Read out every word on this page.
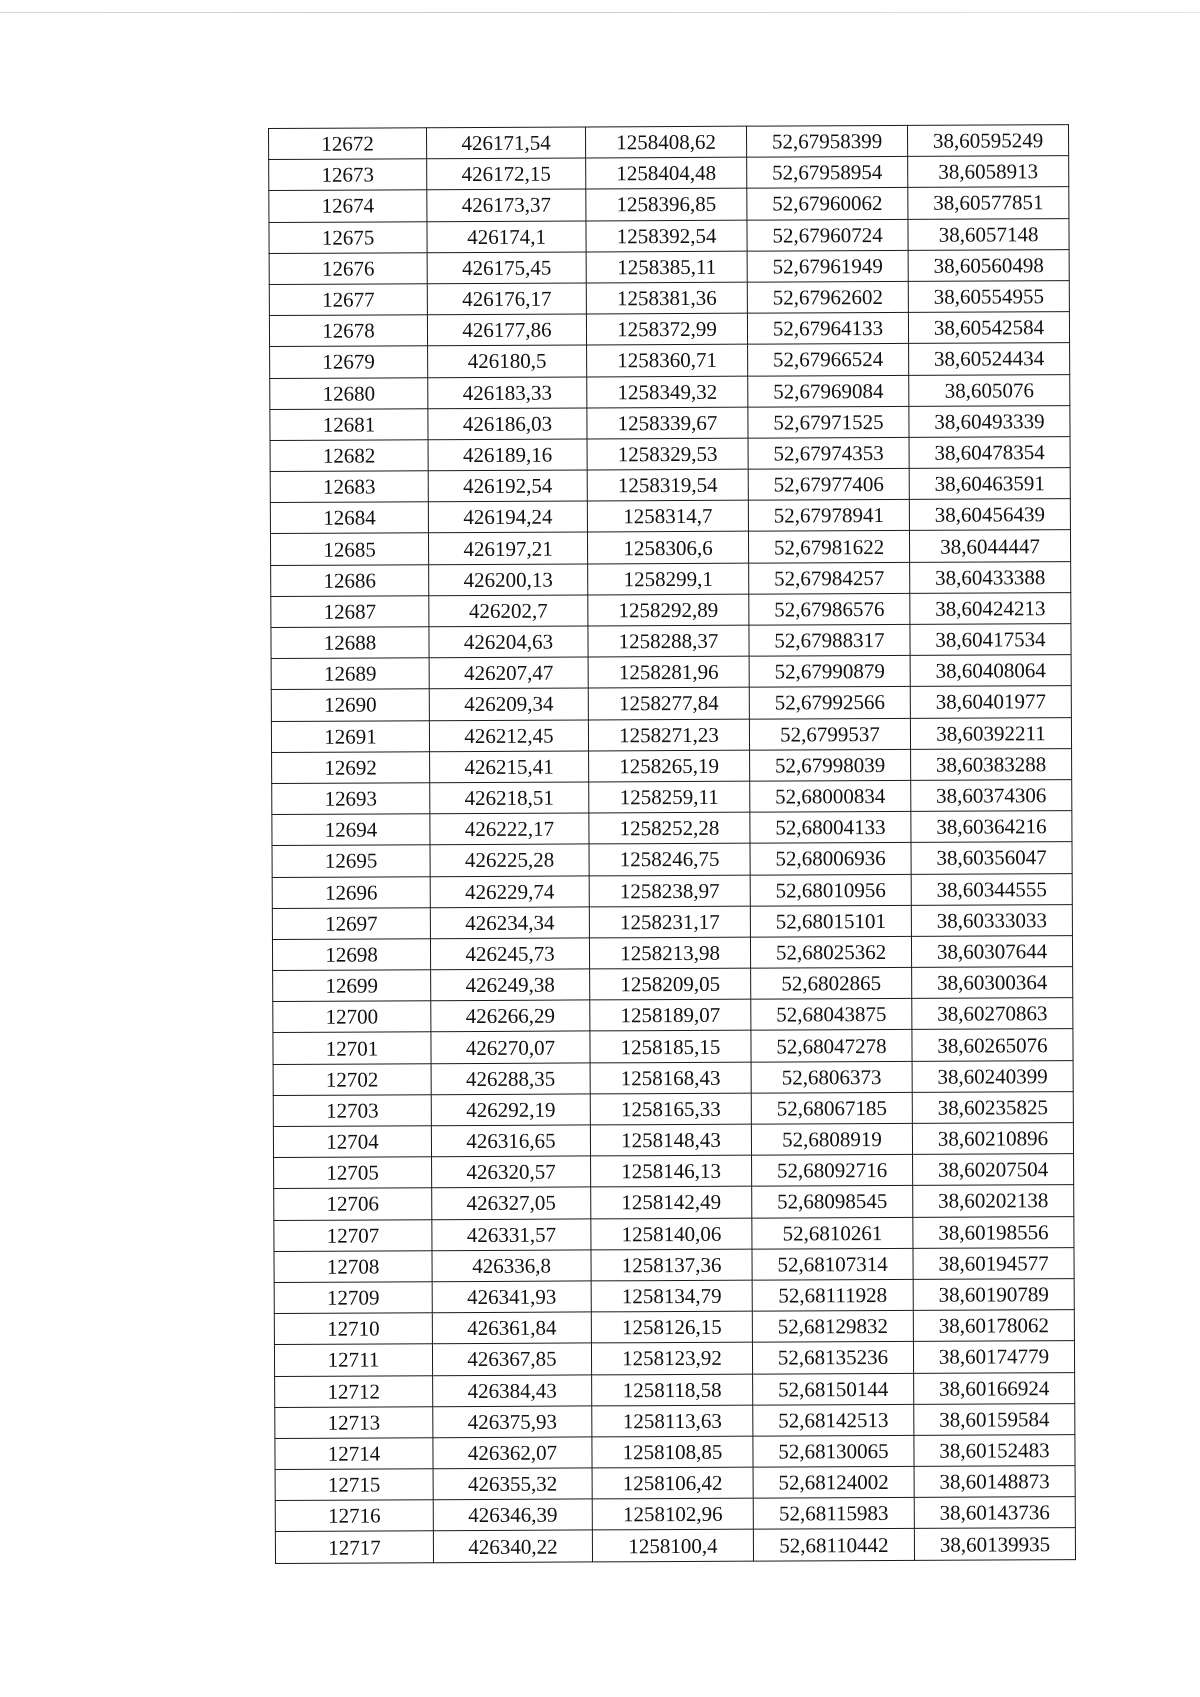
12672	426171,54	1258408,62	52,67958399	38,60595249
12673	426172,15	1258404,48	52,67958954	38,6058913
12674	426173,37	1258396,85	52,67960062	38,60577851
12675	426174,1	1258392,54	52,67960724	38,6057148
12676	426175,45	1258385,11	52,67961949	38,60560498
12677	426176,17	1258381,36	52,67962602	38,60554955
12678	426177,86	1258372,99	52,67964133	38,60542584
12679	426180,5	1258360,71	52,67966524	38,60524434
12680	426183,33	1258349,32	52,67969084	38,605076
12681	426186,03	1258339,67	52,67971525	38,60493339
12682	426189,16	1258329,53	52,67974353	38,60478354
12683	426192,54	1258319,54	52,67977406	38,60463591
12684	426194,24	1258314,7	52,67978941	38,60456439
12685	426197,21	1258306,6	52,67981622	38,6044447
12686	426200,13	1258299,1	52,67984257	38,60433388
12687	426202,7	1258292,89	52,67986576	38,60424213
12688	426204,63	1258288,37	52,67988317	38,60417534
12689	426207,47	1258281,96	52,67990879	38,60408064
12690	426209,34	1258277,84	52,67992566	38,60401977
12691	426212,45	1258271,23	52,6799537	38,60392211
12692	426215,41	1258265,19	52,67998039	38,60383288
12693	426218,51	1258259,11	52,68000834	38,60374306
12694	426222,17	1258252,28	52,68004133	38,60364216
12695	426225,28	1258246,75	52,68006936	38,60356047
12696	426229,74	1258238,97	52,68010956	38,60344555
12697	426234,34	1258231,17	52,68015101	38,60333033
12698	426245,73	1258213,98	52,68025362	38,60307644
12699	426249,38	1258209,05	52,6802865	38,60300364
12700	426266,29	1258189,07	52,68043875	38,60270863
12701	426270,07	1258185,15	52,68047278	38,60265076
12702	426288,35	1258168,43	52,6806373	38,60240399
12703	426292,19	1258165,33	52,68067185	38,60235825
12704	426316,65	1258148,43	52,6808919	38,60210896
12705	426320,57	1258146,13	52,68092716	38,60207504
12706	426327,05	1258142,49	52,68098545	38,60202138
12707	426331,57	1258140,06	52,6810261	38,60198556
12708	426336,8	1258137,36	52,68107314	38,60194577
12709	426341,93	1258134,79	52,68111928	38,60190789
12710	426361,84	1258126,15	52,68129832	38,60178062
12711	426367,85	1258123,92	52,68135236	38,60174779
12712	426384,43	1258118,58	52,68150144	38,60166924
12713	426375,93	1258113,63	52,68142513	38,60159584
12714	426362,07	1258108,85	52,68130065	38,60152483
12715	426355,32	1258106,42	52,68124002	38,60148873
12716	426346,39	1258102,96	52,68115983	38,60143736
12717	426340,22	1258100,4	52,68110442	38,60139935
